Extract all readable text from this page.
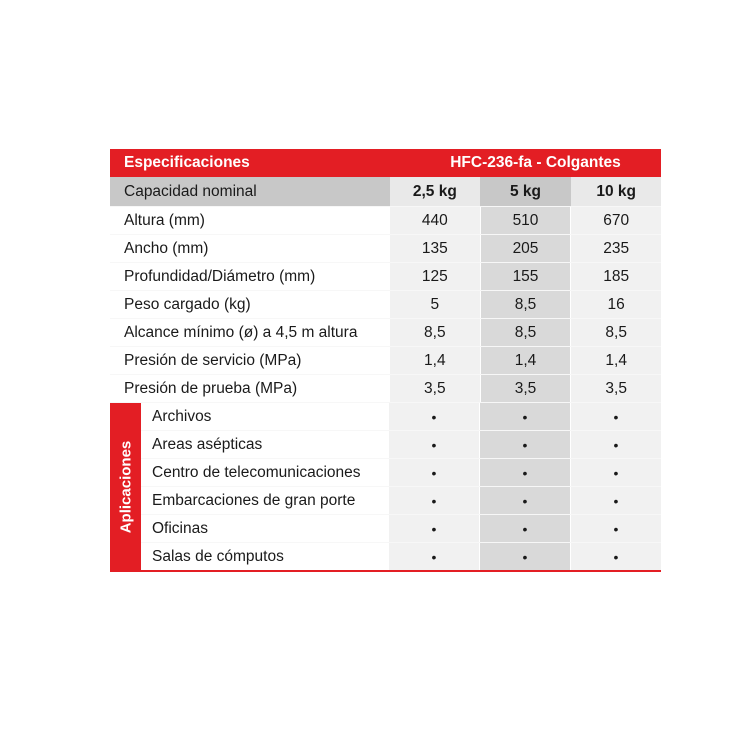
Especificaciones	HFC-236-fa - Colgantes
Capacidad nominal	2,5 kg	5 kg	10 kg
Altura (mm)	440	510	670
Ancho (mm)	135	205	235
Profundidad/Diámetro (mm)	125	155	185
Peso cargado (kg)	5	8,5	16
Alcance mínimo (ø) a 4,5 m altura	8,5	8,5	8,5
Presión de servicio (MPa)	1,4	1,4	1,4
Presión de prueba (MPa)	3,5	3,5	3,5
Aplicaciones
Archivos	•	•	•
Areas asépticas	•	•	•
Centro de telecomunicaciones	•	•	•
Embarcaciones de gran porte	•	•	•
Oficinas	•	•	•
Salas de cómputos	•	•	•
